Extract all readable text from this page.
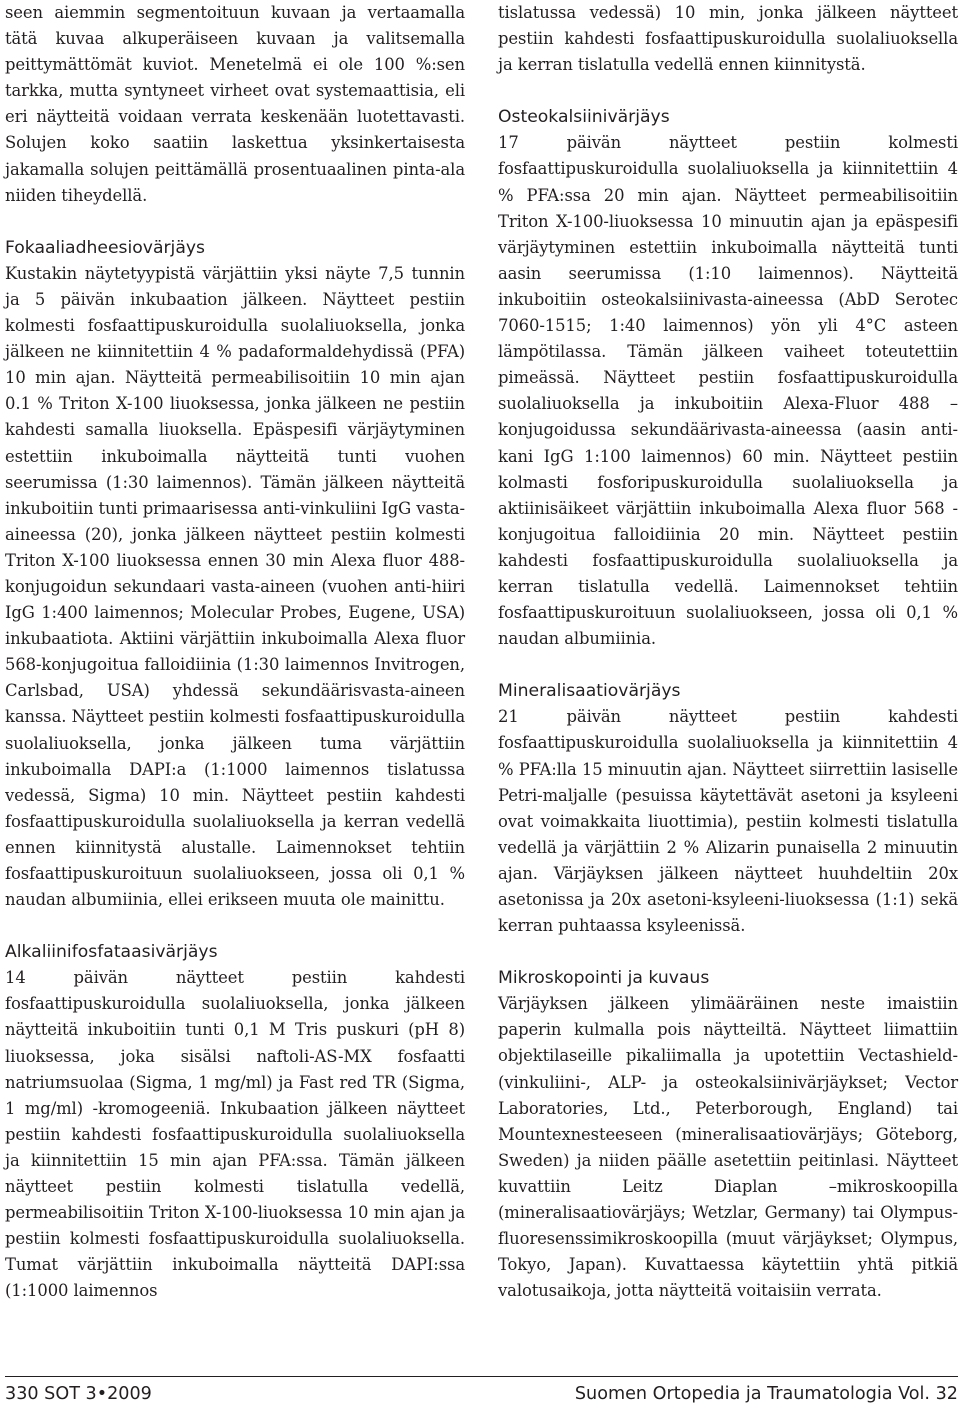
seen aiemmin segmentoituun kuvaan ja vertaamalla tätä kuvaa alkuperäiseen kuvaan ja valitsemalla peittymättömät kuviot. Menetelmä ei ole 100 %:sen tarkka, mutta syntyneet virheet ovat systemaattisia, eli eri näytteitä voidaan verrata keskenään luotettavasti. Solujen koko saatiin laskettua yksinkertaisesta jakamalla solujen peittämällä prosentuaalinen pinta-ala niiden tiheydellä.

Fokaaliadheesiovärjäys

Kustakin näytetyypistä värjättiin yksi näyte 7,5 tunnin ja 5 päivän inkubaation jälkeen. Näytteet pestiin kolmesti fosfaattipuskuroidulla suolaliuoksella, jonka jälkeen ne kiinnitettiin 4 % padaformaldehydissä (PFA) 10 min ajan. Näytteitä permeabilisoitiin 10 min ajan 0.1 % Triton X-100 liuoksessa, jonka jälkeen ne pestiin kahdesti samalla liuoksella. Epäspesifi värjäytyminen estettiin inkuboimalla näytteitä tunti vuohen seerumissa (1:30 laimennos). Tämän jälkeen näytteitä inkuboitiin tunti primaarisessa anti-vinkuliini IgG vasta-aineessa (20), jonka jälkeen näytteet pestiin kolmesti Triton X-100 liuoksessa ennen 30 min Alexa fluor 488-konjugoidun sekundaari vasta-aineen (vuohen anti-hiiri IgG 1:400 laimennos; Molecular Probes, Eugene, USA) inkubaatiota. Aktiini värjättiin inkuboimalla Alexa fluor 568-konjugoitua falloidiinia (1:30 laimennos Invitrogen, Carlsbad, USA) yhdessä sekundäärisvasta-aineen kanssa. Näytteet pestiin kolmesti fosfaattipuskuroidulla suolaliuoksella, jonka jälkeen tuma värjättiin inkuboimalla DAPI:a (1:1000 laimennos tislatussa vedessä, Sigma) 10 min. Näytteet pestiin kahdesti fosfaattipuskuroidulla suolaliuoksella ja kerran vedellä ennen kiinnitystä alustalle. Laimennokset tehtiin fosfaattipuskuroituun suolaliuokseen, jossa oli 0,1 % naudan albumiinia, ellei erikseen muuta ole mainittu.

Alkaliinifosfataasivärjäys

14 päivän näytteet pestiin kahdesti fosfaattipuskuroidulla suolaliuoksella, jonka jälkeen näytteitä inkuboitiin tunti 0,1 M Tris puskuri (pH 8) liuoksessa, joka sisälsi naftoli-AS-MX fosfaatti natriumsuolaa (Sigma, 1 mg/ml) ja Fast red TR (Sigma, 1 mg/ml) -kromogeeniä. Inkubaation jälkeen näytteet pestiin kahdesti fosfaattipuskuroidulla suolaliuoksella ja kiinnitettiin 15 min ajan PFA:ssa. Tämän jälkeen näytteet pestiin kolmesti tislatulla vedellä, permeabilisoitiin Triton X-100-liuoksessa 10 min ajan ja pestiin kolmesti fosfaattipuskuroidulla suolaliuoksella. Tumat värjättiin inkuboimalla näytteitä DAPI:ssa (1:1000 laimennos

tislatussa vedessä) 10 min, jonka jälkeen näytteet pestiin kahdesti fosfaattipuskuroidulla suolaliuoksella ja kerran tislatulla vedellä ennen kiinnitystä.

Osteokalsiinivärjäys

17 päivän näytteet pestiin kolmesti fosfaattipuskuroidulla suolaliuoksella ja kiinnitettiin 4 % PFA:ssa 20 min ajan. Näytteet permeabilisoitiin Triton X-100-liuoksessa 10 minuutin ajan ja epäspesifi värjäytyminen estettiin inkuboimalla näytteitä tunti aasin seerumissa (1:10 laimennos). Näytteitä inkuboitiin osteokalsiinivasta-aineessa (AbD Serotec 7060-1515; 1:40 laimennos) yön yli 4°C asteen lämpötilassa. Tämän jälkeen vaiheet toteutettiin pimeässä. Näytteet pestiin fosfaattipuskuroidulla suolaliuoksella ja inkuboitiin Alexa-Fluor 488 –konjugoidussa sekundäärivasta-aineessa (aasin anti-kani IgG 1:100 laimennos) 60 min. Näytteet pestiin kolmasti fosforipuskuroidulla suolaliuoksella ja aktiinisäikeet värjättiin inkuboimalla Alexa fluor 568 -konjugoitua falloidiinia 20 min. Näytteet pestiin kahdesti fosfaattipuskuroidulla suolaliuoksella ja kerran tislatulla vedellä. Laimennokset tehtiin fosfaattipuskuroituun suolaliuokseen, jossa oli 0,1 % naudan albumiinia.

Mineralisaatiovärjäys

21 päivän näytteet pestiin kahdesti fosfaattipuskuroidulla suolaliuoksella ja kiinnitettiin 4 % PFA:lla 15 minuutin ajan. Näytteet siirrettiin lasiselle Petri-maljalle (pesuissa käytettävät asetoni ja ksyleeni ovat voimakkaita liuottimia), pestiin kolmesti tislatulla vedellä ja värjättiin 2 % Alizarin punaisella 2 minuutin ajan. Värjäyksen jälkeen näytteet huuhdeltiin 20x asetonissa ja 20x asetoni-ksyleeni-liuoksessa (1:1) sekä kerran puhtaassa ksyleenissä.

Mikroskopointi ja kuvaus

Värjäyksen jälkeen ylimääräinen neste imaistiin paperin kulmalla pois näytteiltä. Näytteet liimattiin objektilaseille pikaliimalla ja upotettiin Vectashield- (vinkuliini-, ALP- ja osteokalsiinivärjäykset; Vector Laboratories, Ltd., Peterborough, England) tai Mountexnesteeseen (mineralisaatiovärjäys; Göteborg, Sweden) ja niiden päälle asetettiin peitinlasi. Näytteet kuvattiin Leitz Diaplan –mikroskoopilla (mineralisaatiovärjäys; Wetzlar, Germany) tai Olympus-fluoresenssimikroskoopilla (muut värjäykset; Olympus, Tokyo, Japan). Kuvattaessa käytettiin yhtä pitkiä valotusaikoja, jotta näytteitä voitaisiin verrata.

330 SOT 3•2009	Suomen Ortopedia ja Traumatologia Vol. 32
